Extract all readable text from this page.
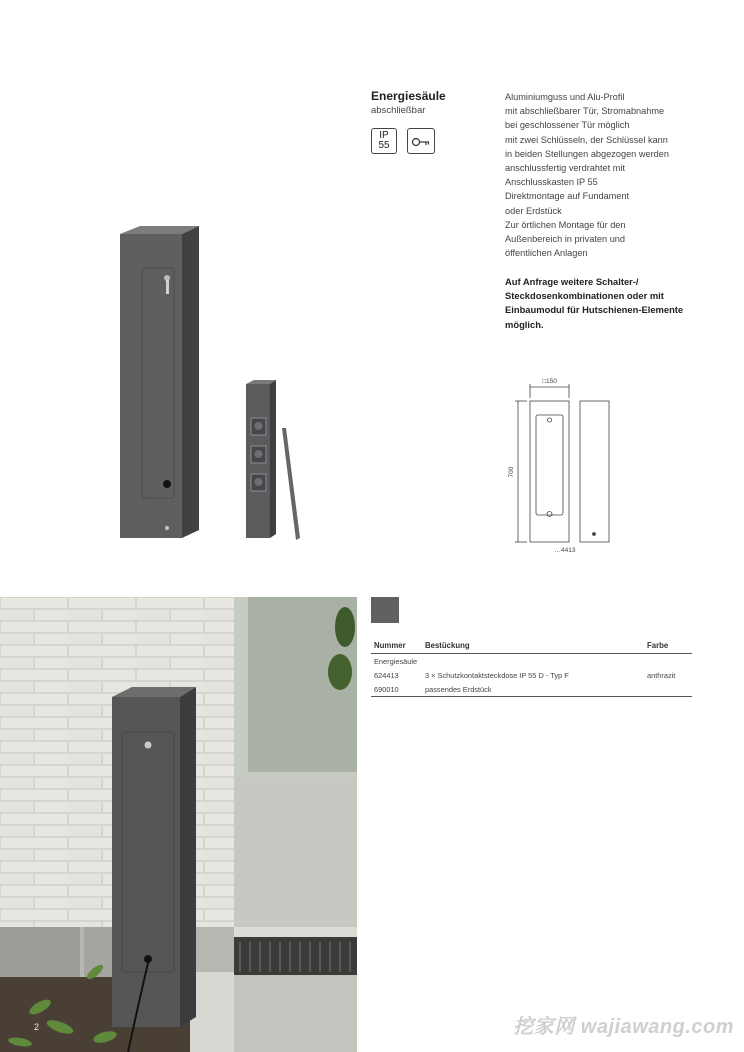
Energiesäule
abschließbar
IP
55
Aluminiumguss und Alu-Profil
mit abschließbarer Tür, Stromabnahme
bei geschlossener Tür möglich
mit zwei Schlüsseln, der Schlüssel kann
in beiden Stellungen abgezogen werden
anschlussfertig verdrahtet mit
Anschlusskasten IP 55
Direktmontage auf Fundament
oder Erdstück
Zur örtlichen Montage für den
Außenbereich in privaten und
öffentlichen Anlagen
Auf Anfrage weitere Schalter-/
Steckdosenkombinationen oder mit
Einbaumodul für Hutschienen-Elemente
möglich.
□150
700
…4413
2
Nummer	Bestückung	Farbe
Energiesäule		
624413	3 × Schutzkontaktsteckdose IP 55 D - Typ F	anthrazit
690010	passendes Erdstück	
挖家网 wajiawang.com
